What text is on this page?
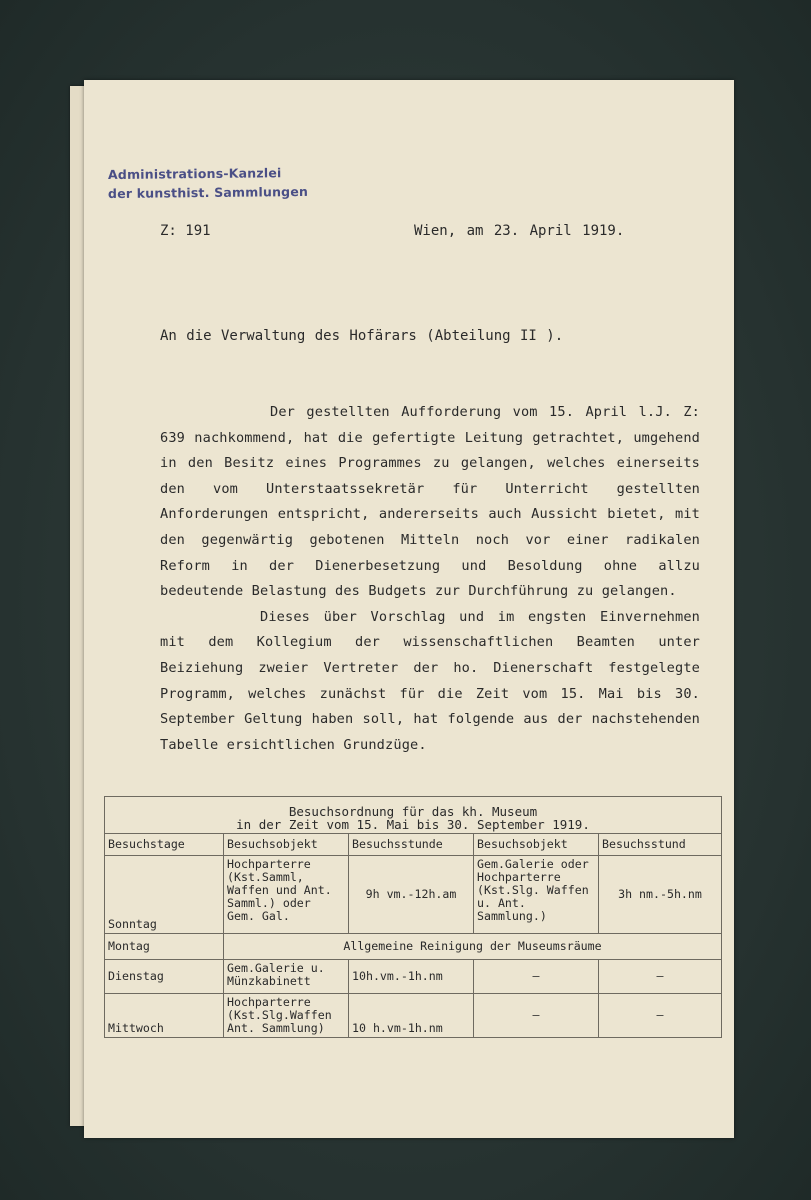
Administrations-Kanzlei
der kunsthist. Sammlungen
Z: 191	Wien, am 23. April 1919.
An die Verwaltung des Hofärars (Abteilung II ).

Der gestellten Aufforderung vom 15. April l.J. Z: 639 nachkommend, hat die gefertigte Leitung getrachtet, umgehend in den Besitz eines Programmes zu gelangen, welches einerseits den vom Unterstaatssekretär für Unterricht gestellten Anforderungen entspricht, andererseits auch Aussicht bietet, mit den gegenwärtig gebotenen Mitteln noch vor einer radikalen Reform in der Dienerbesetzung und Besoldung ohne allzu bedeutende Belastung des Budgets zur Durchführung zu gelangen.

Dieses über Vorschlag und im engsten Einvernehmen mit dem Kollegium der wissenschaftlichen Beamten unter Beiziehung zweier Vertreter der ho. Dienerschaft festgelegte Programm, welches zunächst für die Zeit vom 15. Mai bis 30. September Geltung haben soll, hat folgende aus der nachstehenden Tabelle ersichtlichen Grundzüge.

Besuchsordnung für das kh. Museum
in der Zeit vom 15. Mai bis 30. September 1919.				

Besuchstage	Besuchsobjekt	Besuchsstunde	Besuchsobjekt	Besuchsstund
Sonntag	Hochparterre (Kst.Samml, Waffen und Ant. Samml.) oder Gem. Gal.	9h vm.-12h.am	Gem.Galerie oder Hochparterre (Kst.Slg. Waffen u. Ant. Sammlung.)	3h nm.-5h.nm
Montag	Allgemeine Reinigung der Museumsräume			
Dienstag	Gem.Galerie u. Münzkabinett	10h.vm.-1h.nm	–	–
Mittwoch	Hochparterre (Kst.Slg.Waffen Ant. Sammlung)	10 h.vm-1h.nm	–	–
